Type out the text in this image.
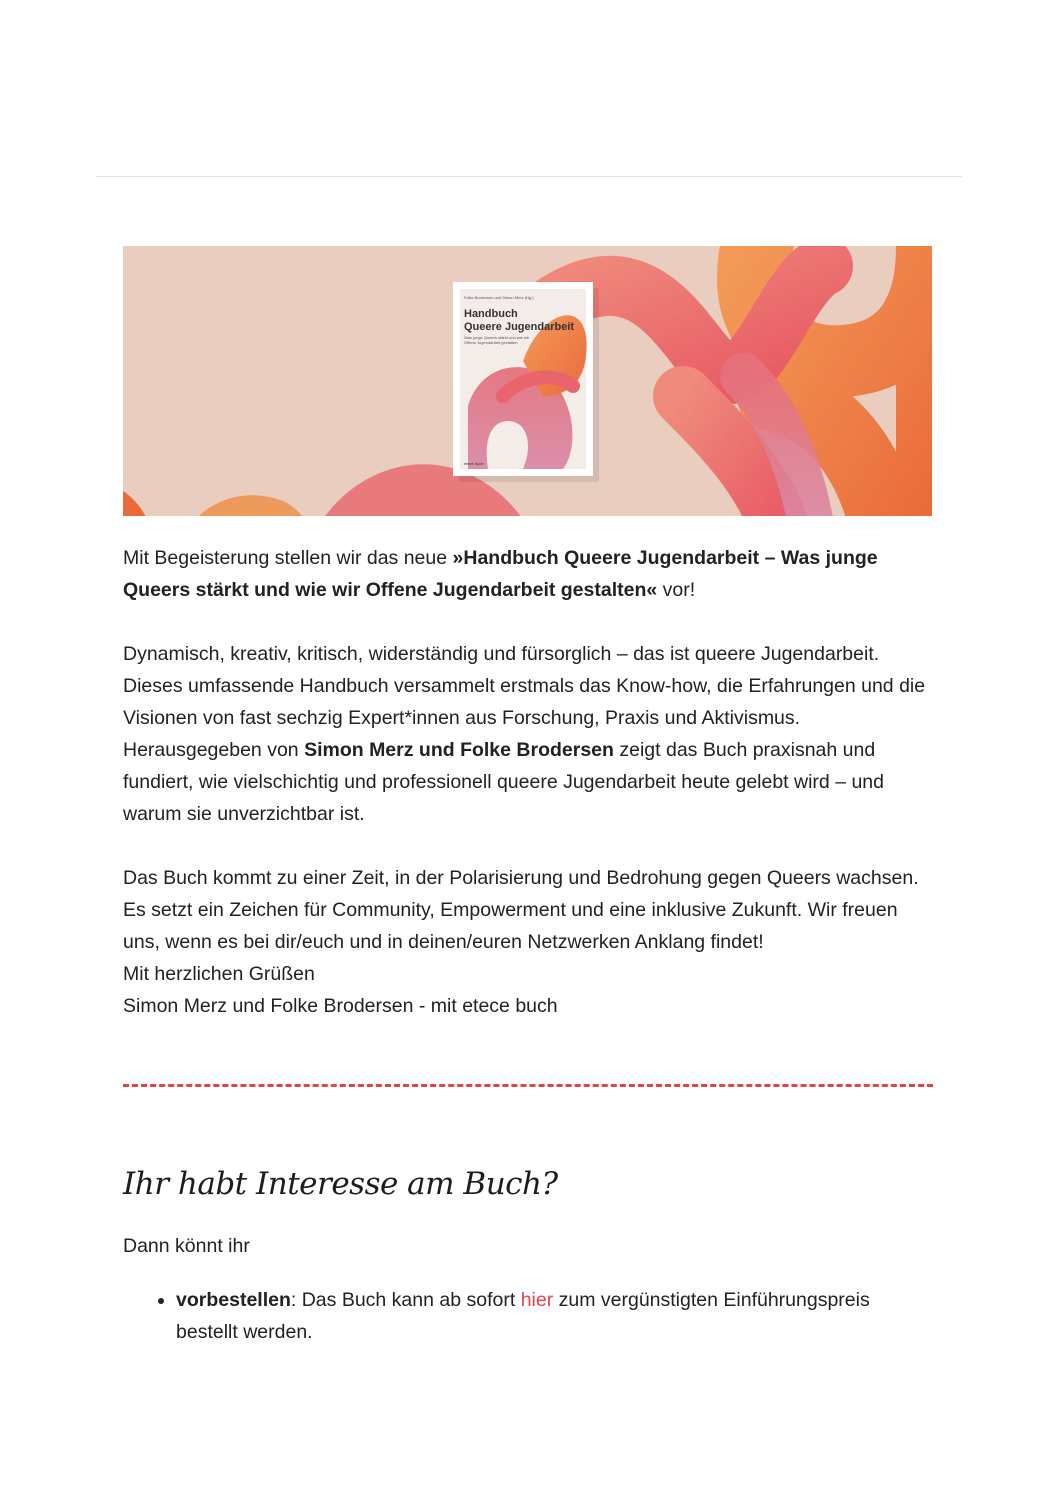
Folke Brodersen und Simon Merz (Hg.)
Handbuch
Queere Jugendarbeit
Was junge Queers stärkt und wie wir
Offene Jugendarbeit gestalten
etece buch

Mit Begeisterung stellen wir das neue »Handbuch Queere Jugendarbeit – Was junge Queers stärkt und wie wir Offene Jugendarbeit gestalten« vor!

Dynamisch, kreativ, kritisch, widerständig und fürsorglich – das ist queere Jugendarbeit. Dieses umfassende Handbuch versammelt erstmals das Know-how, die Erfahrungen und die Visionen von fast sechzig Expert*innen aus Forschung, Praxis und Aktivismus. Herausgegeben von Simon Merz und Folke Brodersen zeigt das Buch praxisnah und fundiert, wie vielschichtig und professionell queere Jugendarbeit heute gelebt wird – und warum sie unverzichtbar ist.

Das Buch kommt zu einer Zeit, in der Polarisierung und Bedrohung gegen Queers wachsen. Es setzt ein Zeichen für Community, Empowerment und eine inklusive Zukunft. Wir freuen uns, wenn es bei dir/euch und in deinen/euren Netzwerken Anklang findet!

Mit herzlichen Grüßen

Simon Merz und Folke Brodersen - mit etece buch

Ihr habt Interesse am Buch?

Dann könnt ihr

• vorbestellen: Das Buch kann ab sofort hier zum vergünstigten Einführungspreis bestellt werden.
